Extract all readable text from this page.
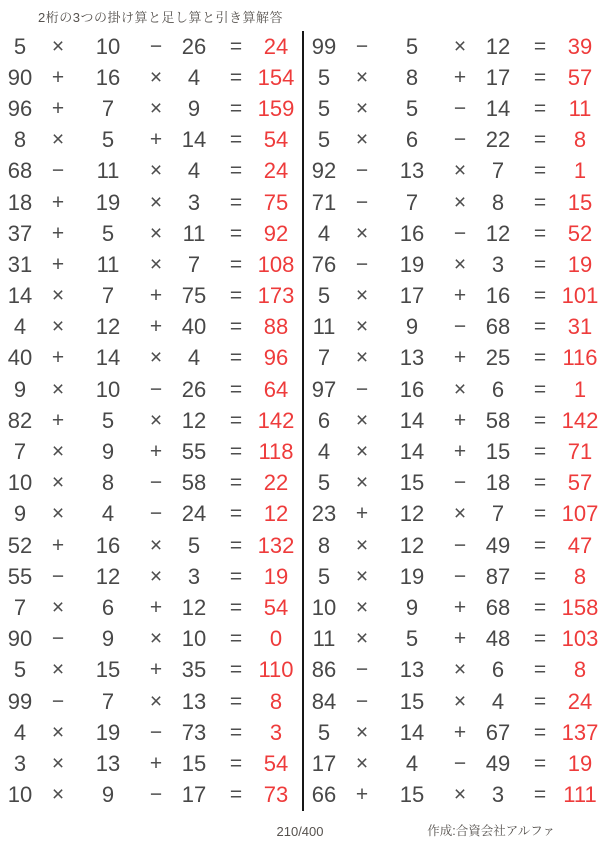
2桁の3つの掛け算と足し算と引き算解答
5	×	10	− 26	= 24
90 +	16	×	4	= 154
96 +	7	×	9	= 159
8	×	5	+ 14	= 54
68 −	11	×	4	= 24
18 +	19	×	3	= 75
37 +	5	× 11	= 92
31 +	11	×	7	= 108
14 ×	7	+ 75	= 173
4	×	12	+ 40	= 88
40 +	14	×	4	= 96
9	×	10	− 26	= 64
82 +	5	× 12	= 142
7	×	9	+ 55	= 118
10 ×	8	− 58	= 22
9	×	4	− 24	= 12
52 +	16	×	5	= 132
55 −	12	×	3	= 19
7	×	6	+ 12	= 54
90 −	9	× 10	=	0
5	×	15	+ 35	= 110
99 −	7	× 13	=	8
4	×	19	− 73	=	3
3	×	13	+ 15	= 54
10 ×	9	− 17	= 73
99 −	5	× 12	= 39
5	×	8	+ 17	= 57
5	×	5	− 14	=	11
5	×	6	− 22	=	8
92 −	13	×	7	=	1
71 −	7	×	8	= 15
4	×	16	− 12	= 52
76 −	19	×	3	= 19
5	×	17	+ 16	= 101
11 ×	9	− 68	= 31
7	×	13	+ 25	= 116
97 −	16	×	6	=	1
6	×	14	+ 58	= 142
4	×	14	+ 15	= 71
5	×	15	− 18	= 57
23 +	12	×	7	= 107
8	×	12	− 49	= 47
5	×	19	− 87	=	8
10 ×	9	+ 68	= 158
11 ×	5	+ 48	= 103
86 −	13	×	6	=	8
84 −	15	×	4	= 24
5	×	14	+ 67	= 137
17 ×	4	− 49	= 19
66 +	15	×	3	= 111
210/400	作成:合資会社アルファ
